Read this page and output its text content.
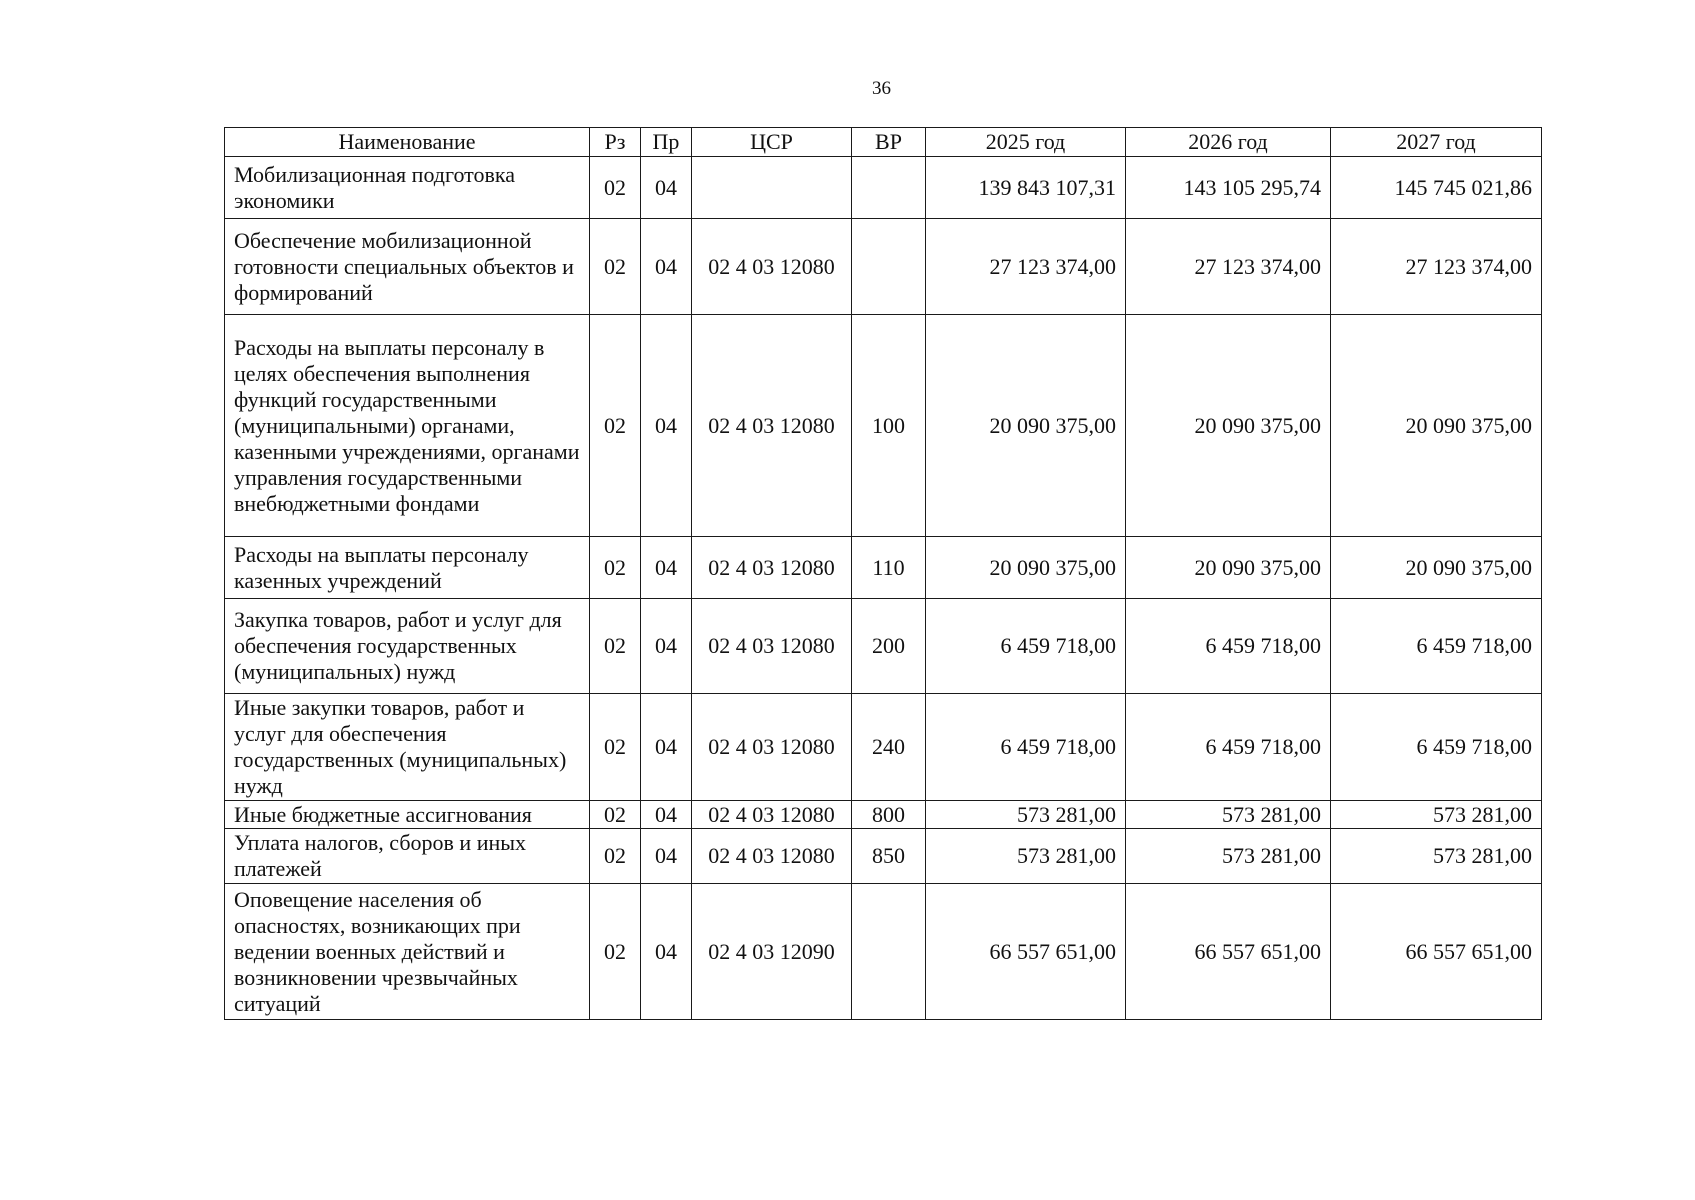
36
Наименование	Рз	Пр	ЦСР	ВР	2025 год	2026 год	2027 год
Мобилизационная подготовка экономики	02	04			139 843 107,31	143 105 295,74	145 745 021,86
Обеспечение мобилизационной готовности специальных объектов и формирований	02	04	02 4 03 12080		27 123 374,00	27 123 374,00	27 123 374,00
Расходы на выплаты персоналу в целях обеспечения выполнения функций государственными (муниципальными) органами, казенными учреждениями, органами управления государственными внебюджетными фондами	02	04	02 4 03 12080	100	20 090 375,00	20 090 375,00	20 090 375,00
Расходы на выплаты персоналу казенных учреждений	02	04	02 4 03 12080	110	20 090 375,00	20 090 375,00	20 090 375,00
Закупка товаров, работ и услуг для обеспечения государственных (муниципальных) нужд	02	04	02 4 03 12080	200	6 459 718,00	6 459 718,00	6 459 718,00
Иные закупки товаров, работ и услуг для обеспечения государственных (муниципальных) нужд	02	04	02 4 03 12080	240	6 459 718,00	6 459 718,00	6 459 718,00
Иные бюджетные ассигнования	02	04	02 4 03 12080	800	573 281,00	573 281,00	573 281,00
Уплата налогов, сборов и иных платежей	02	04	02 4 03 12080	850	573 281,00	573 281,00	573 281,00
Оповещение населения об опасностях, возникающих при ведении военных действий и возникновении чрезвычайных ситуаций	02	04	02 4 03 12090		66 557 651,00	66 557 651,00	66 557 651,00
